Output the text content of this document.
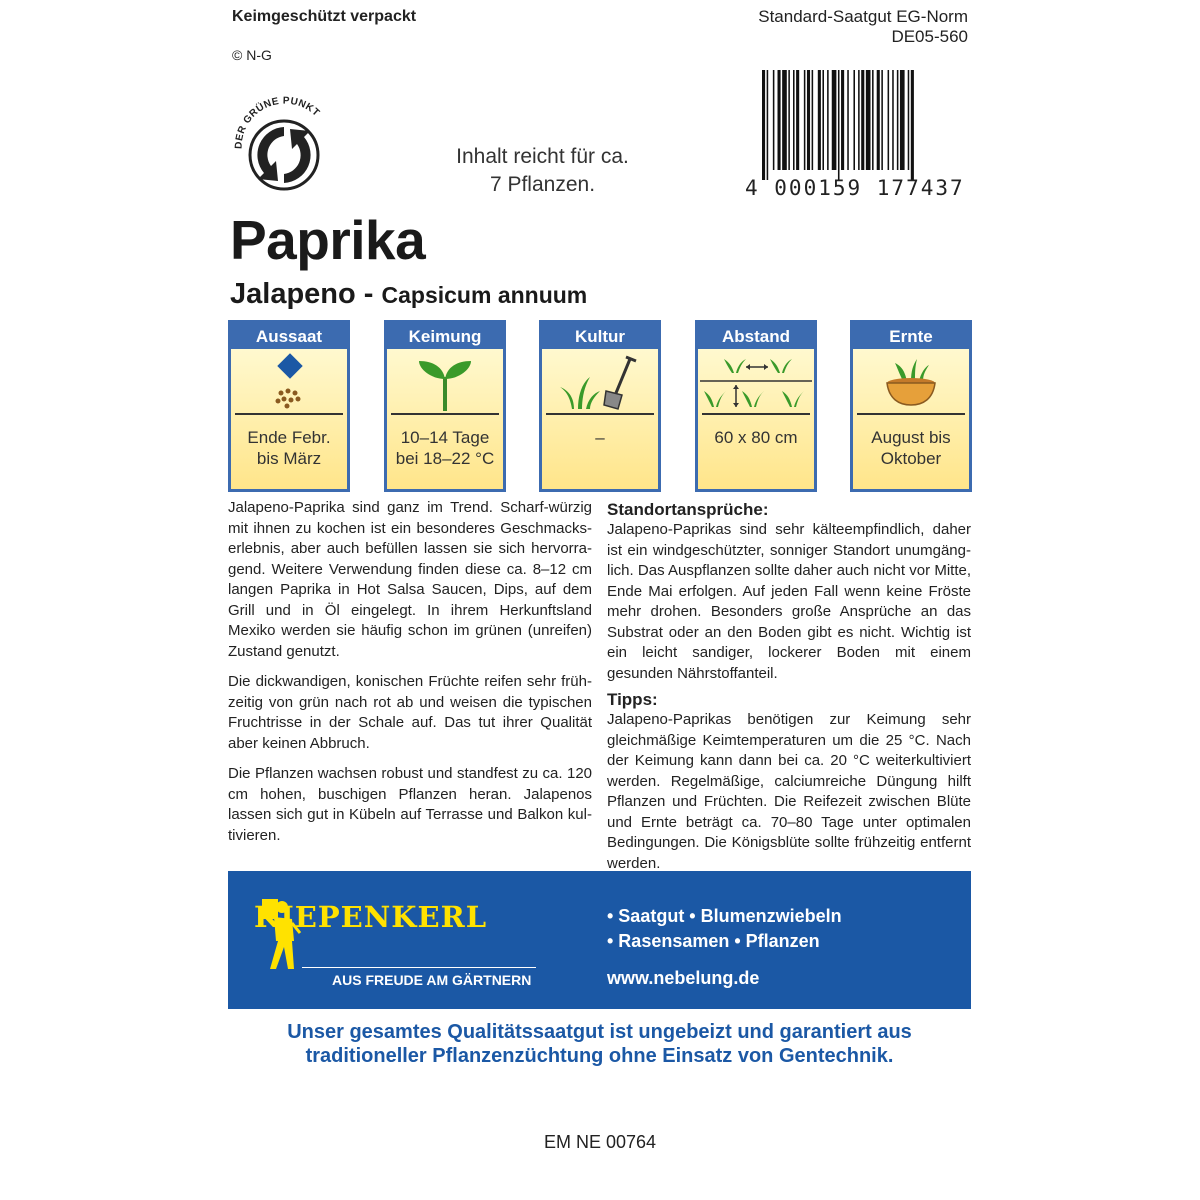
Keimgeschützt verpackt
© N-G
Standard-Saatgut EG-Norm
DE05-560
4 000159 177437
DER GRÜNE PUNKT
Inhalt reicht für ca.
7 Pflanzen.
Paprika
Jalapeno - Capsicum annuum
Aussaat
Ende Febr.
bis März
Keimung
10–14 Tage
bei 18–22 °C
Kultur
–
Abstand
60 x 80 cm
Ernte
August bis
Oktober

Jalapeno-Paprika sind ganz im Trend. Scharf-würzig mit ihnen zu kochen ist ein besonderes Geschmackserlebnis, aber auch befüllen lassen sie sich hervorragend. Weitere Verwendung finden diese ca. 8–12 cm langen Paprika in Hot Salsa Saucen, Dips, auf dem Grill und in Öl eingelegt. In ihrem Herkunftsland Mexiko werden sie häufig schon im grünen (unreifen) Zustand genutzt.

Die dickwandigen, konischen Früchte reifen sehr frühzeitig von grün nach rot ab und weisen die typischen Fruchtrisse in der Schale auf. Das tut ihrer Qualität aber keinen Abbruch.

Die Pflanzen wachsen robust und standfest zu ca. 120 cm hohen, buschigen Pflanzen heran. Jalapenos lassen sich gut in Kübeln auf Terrasse und Balkon kultivieren.

Standortansprüche:

Jalapeno-Paprikas sind sehr kälteempfindlich, daher ist ein windgeschützter, sonniger Standort unumgänglich. Das Auspflanzen sollte daher auch nicht vor Mitte, Ende Mai erfolgen. Auf jeden Fall wenn keine Fröste mehr drohen. Besonders große Ansprüche an das Substrat oder an den Boden gibt es nicht. Wichtig ist ein leicht sandiger, lockerer Boden mit einem gesunden Nährstoffanteil.

Tipps:

Jalapeno-Paprikas benötigen zur Keimung sehr gleichmäßige Keimtemperaturen um die 25 °C. Nach der Keimung kann dann bei ca. 20 °C weiterkultiviert werden. Regelmäßige, calciumreiche Düngung hilft Pflanzen und Früchten. Die Reifezeit zwischen Blüte und Ernte beträgt ca. 70–80 Tage unter optimalen Bedingungen. Die Königsblüte sollte frühzeitig entfernt werden.

KIEPENKERL
AUS FREUDE AM GÄRTNERN
• Saatgut • Blumenzwiebeln
• Rasensamen • Pflanzen
www.nebelung.de
Unser gesamtes Qualitätssaatgut ist ungebeizt und garantiert aus
traditioneller Pflanzenzüchtung ohne Einsatz von Gentechnik.
EM NE 00764
